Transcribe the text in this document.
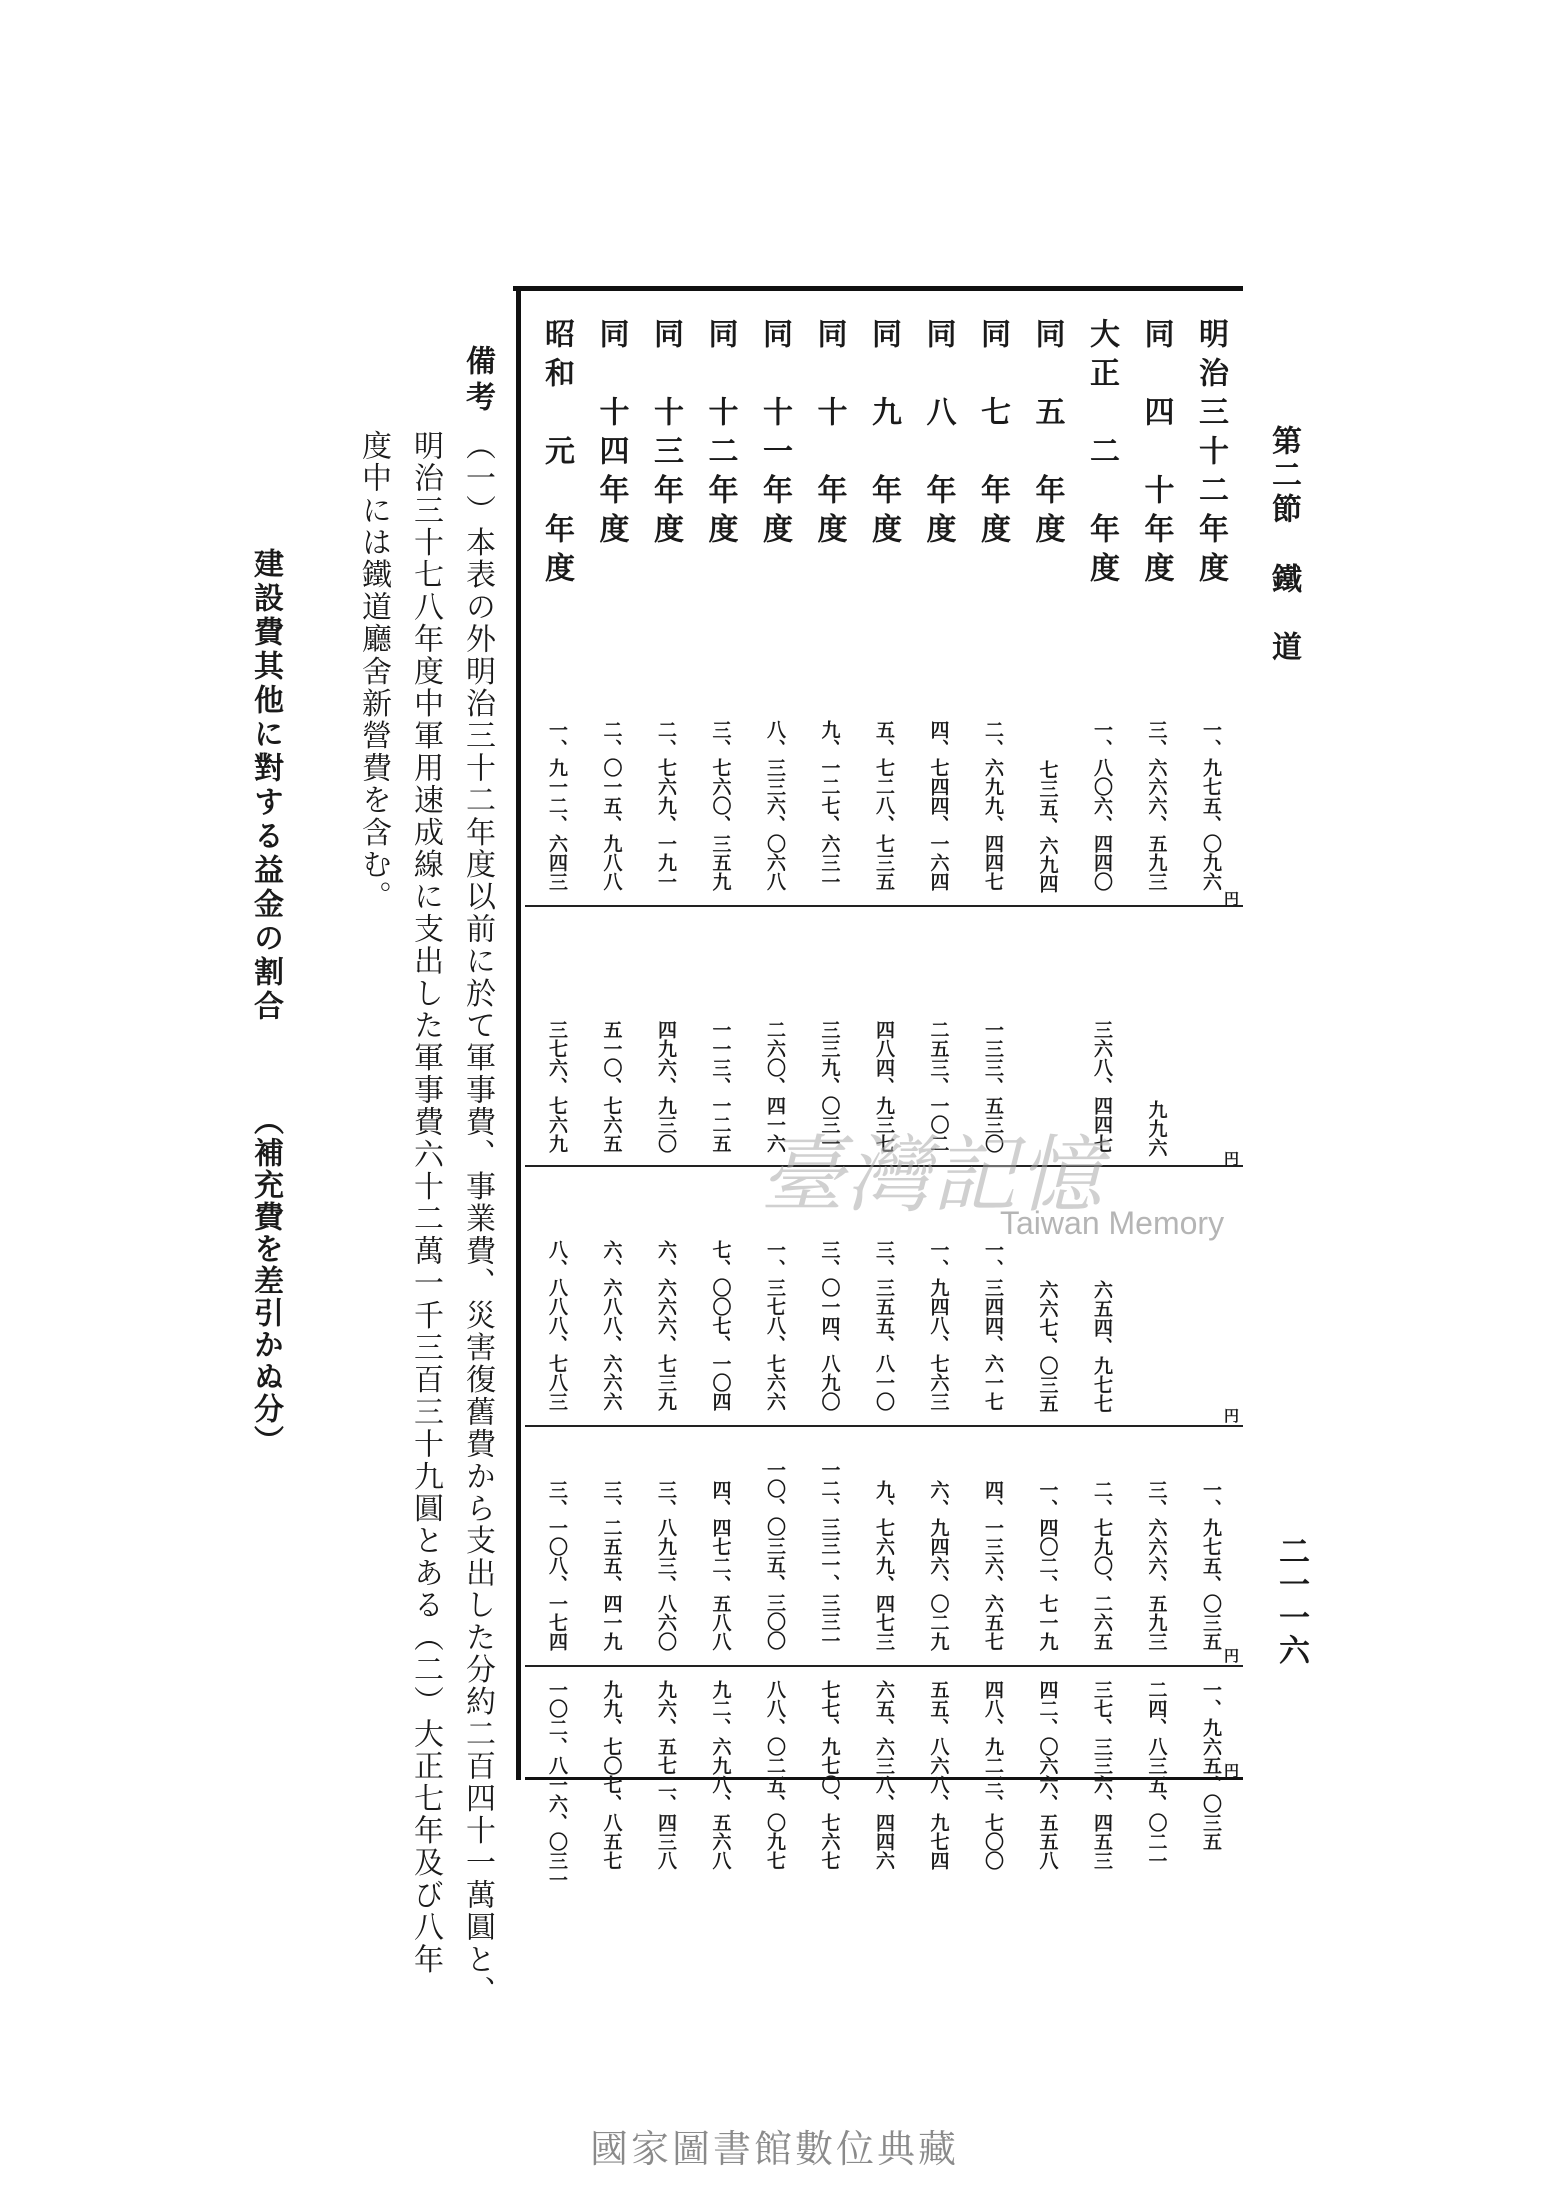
第二節鐵　道
二一一六
円
円
円
円
円
明治三十二年度
一、九七五、〇九六
一、九七五、〇三五
一、九六五、〇三五
同　四　十年度
三、六六六、五九三
九九六
三、六六六、五九三
二四、八三五、〇二一
大正　二　年度
一、八〇六、四四〇
三六八、四四七
六五四、九七七
二、七九〇、二六五
三七、三三六、四五三
同　五　年度
七三五、六九四
六六七、〇三五
一、四〇二、七一九
四二、〇六六、五五八
同　七　年度
二、六九九、四四七
一三三、五三〇
一、三四四、六一七
四、一三六、六五七
四八、九二三、七〇〇
同　八　年度
四、七四四、一六四
二五三、一〇二
一、九四八、七六三
六、九四六、〇二九
五五、八六八、九七四
同　九　年度
五、七二八、七三五
四八四、九三七
三、三五五、八一〇
九、七六九、四七三
六五、六三八、四四六
同　十　年度
九、一二七、六三一
三三九、〇三一
三、〇一四、八九〇
一二、三三一、三三一
七七、九七〇、七六七
同　十一年度
八、三三六、〇六八
二六〇、四一六
一、三七八、七六六
一〇、〇三五、三〇〇
八八、〇二五、〇九七
同　十二年度
三、七六〇、三五九
一一三、一二五
七、〇〇七、一〇四
四、四七二、五八八
九二、六九八、五六八
同　十三年度
二、七六九、一九一
四九六、九三〇
六、六六六、七三九
三、八九三、八六〇
九六、五七二、四三八
同　十四年度
二、〇一五、九八八
五一〇、七六五
六、六八八、六六六
三、二五五、四一九
九九、七〇七、八五七
昭和　元　年度
一、九一二、六四三
三七六、七六九
八、八八八、七八三
三、一〇八、一七四
一〇二、八一六、〇三一
備考
（一）本表の外明治三十二年度以前に於て軍事費、事業費、災害復舊費から支出した分約二百四十一萬圓と、
明治三十七八年度中軍用速成線に支出した軍事費六十二萬一千三百三十九圓とある（二）大正七年及び八年
度中には鐵道廳舍新營費を含む。
建設費其他に對する益金の割合
（補充費を差引かぬ分）	臺灣記憶
Taiwan Memory
國家圖書館數位典藏
